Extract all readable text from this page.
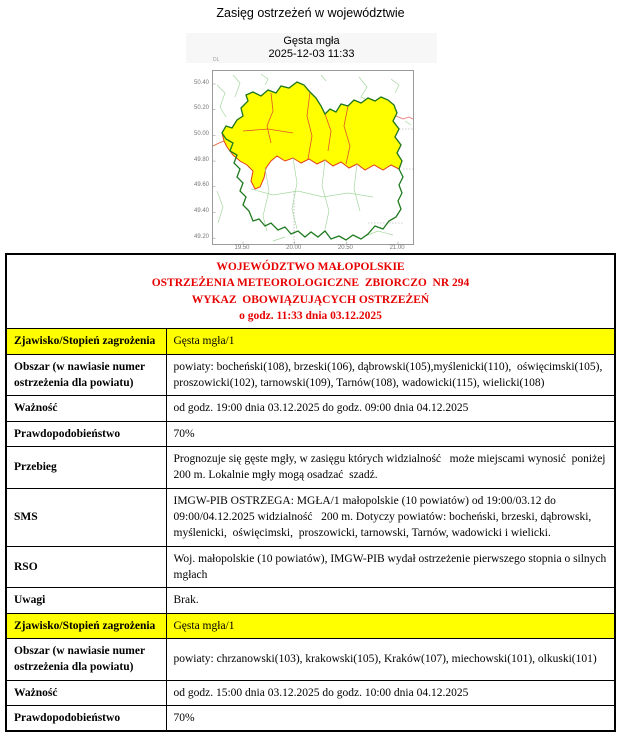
Zasięg ostrzeżeń w województwie
Gęsta mgła
2025-12-03 11:33
DL
50.40
50.20
50.00
49.80
49.60
49.40
49.20
19.50	20.00	20.50	21.00
WOJEWÓDZTWO MAŁOPOLSKIE
OSTRZEŻENIA METEOROLOGICZNE  ZBIORCZO  NR 294
WYKAZ  OBOWIĄZUJĄCYCH OSTRZEŻEŃ
o godz. 11:33 dnia 03.12.2025	

Zjawisko/Stopień zagrożenia	Gęsta mgła/1
Obszar (w nawiasie numer ostrzeżenia dla powiatu)	powiaty: bocheński(108), brzeski(106), dąbrowski(105),myślenicki(110),  oświęcimski(105), proszowicki(102), tarnowski(109), Tarnów(108), wadowicki(115), wielicki(108)
Ważność	od godz. 19:00 dnia 03.12.2025 do godz. 09:00 dnia 04.12.2025
Prawdopodobieństwo	70%
Przebieg	Prognozuje się gęste mgły, w zasięgu których widzialność   może miejscami wynosić  poniżej 200 m. Lokalnie mgły mogą osadzać  szadź.
SMS	IMGW-PIB OSTRZEGA: MGŁA/1 małopolskie (10 powiatów) od 19:00/03.12 do 09:00/04.12.2025 widzialność   200 m. Dotyczy powiatów: bocheński, brzeski, dąbrowski, myślenicki,  oświęcimski,  proszowicki, tarnowski, Tarnów, wadowicki i wielicki.
RSO	Woj. małopolskie (10 powiatów), IMGW-PIB wydał ostrzeżenie pierwszego stopnia o silnych mgłach
Uwagi	Brak.
Zjawisko/Stopień zagrożenia	Gęsta mgła/1
Obszar (w nawiasie numer ostrzeżenia dla powiatu)	powiaty: chrzanowski(103), krakowski(105), Kraków(107), miechowski(101), olkuski(101)
Ważność	od godz. 15:00 dnia 03.12.2025 do godz. 10:00 dnia 04.12.2025
Prawdopodobieństwo	70%
